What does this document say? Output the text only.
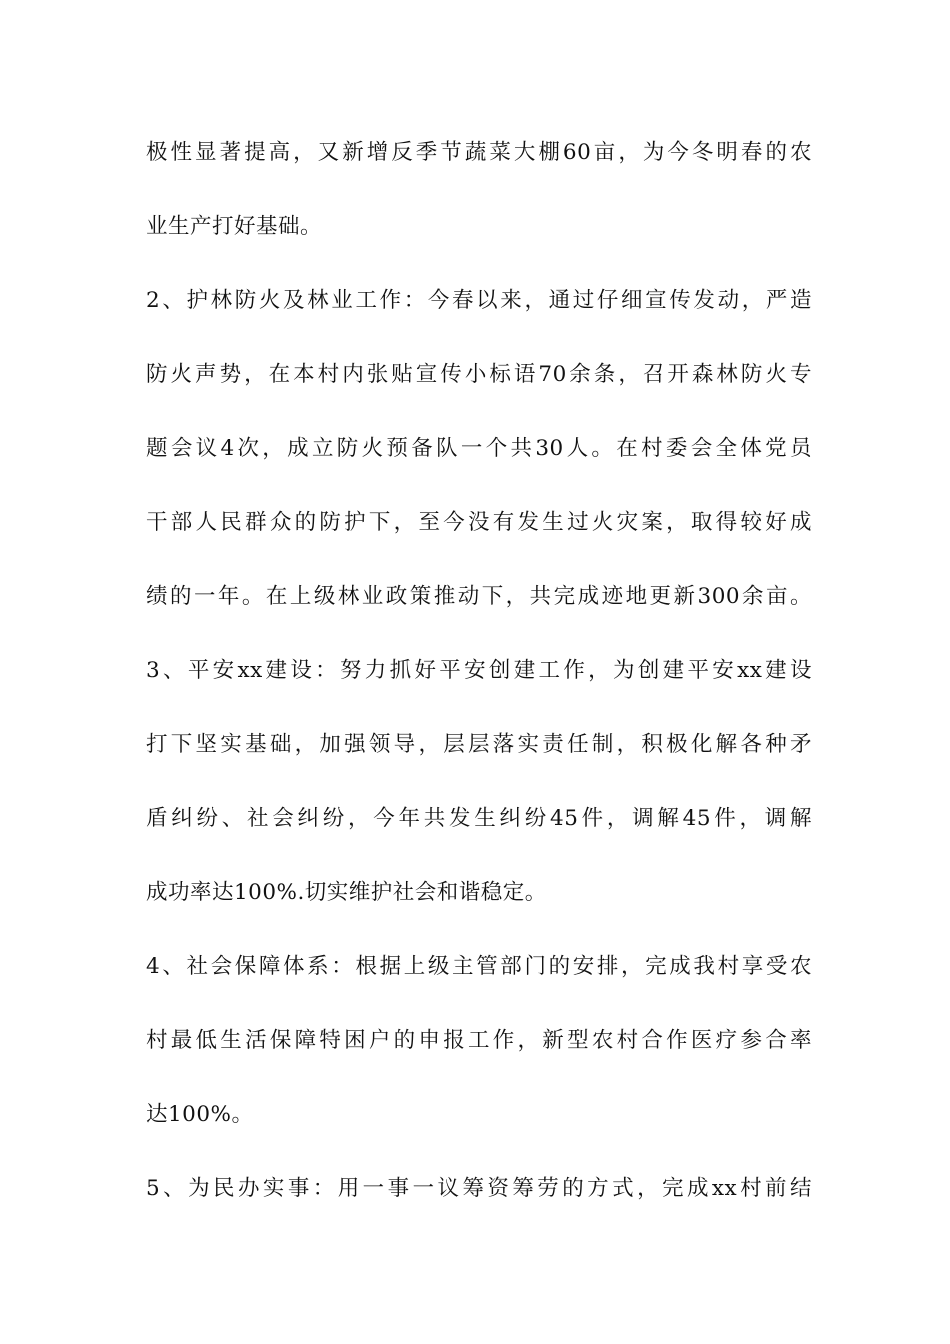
极性显著提高，又新增反季节蔬菜大棚60亩，为今冬明春的农
业生产打好基础。
2、护林防火及林业工作：今春以来，通过仔细宣传发动，严造
防火声势，在本村内张贴宣传小标语70余条，召开森林防火专
题会议4次，成立防火预备队一个共30人。在村委会全体党员
干部人民群众的防护下，至今没有发生过火灾案，取得较好成
绩的一年。在上级林业政策推动下，共完成迹地更新300余亩。
3、平安xx建设：努力抓好平安创建工作，为创建平安xx建设
打下坚实基础，加强领导，层层落实责任制，积极化解各种矛
盾纠纷、社会纠纷，今年共发生纠纷45件，调解45件，调解
成功率达100%.切实维护社会和谐稳定。
4、社会保障体系：根据上级主管部门的安排，完成我村享受农
村最低生活保障特困户的申报工作，新型农村合作医疗参合率
达100%。
5、为民办实事：用一事一议筹资筹劳的方式，完成xx村前结
